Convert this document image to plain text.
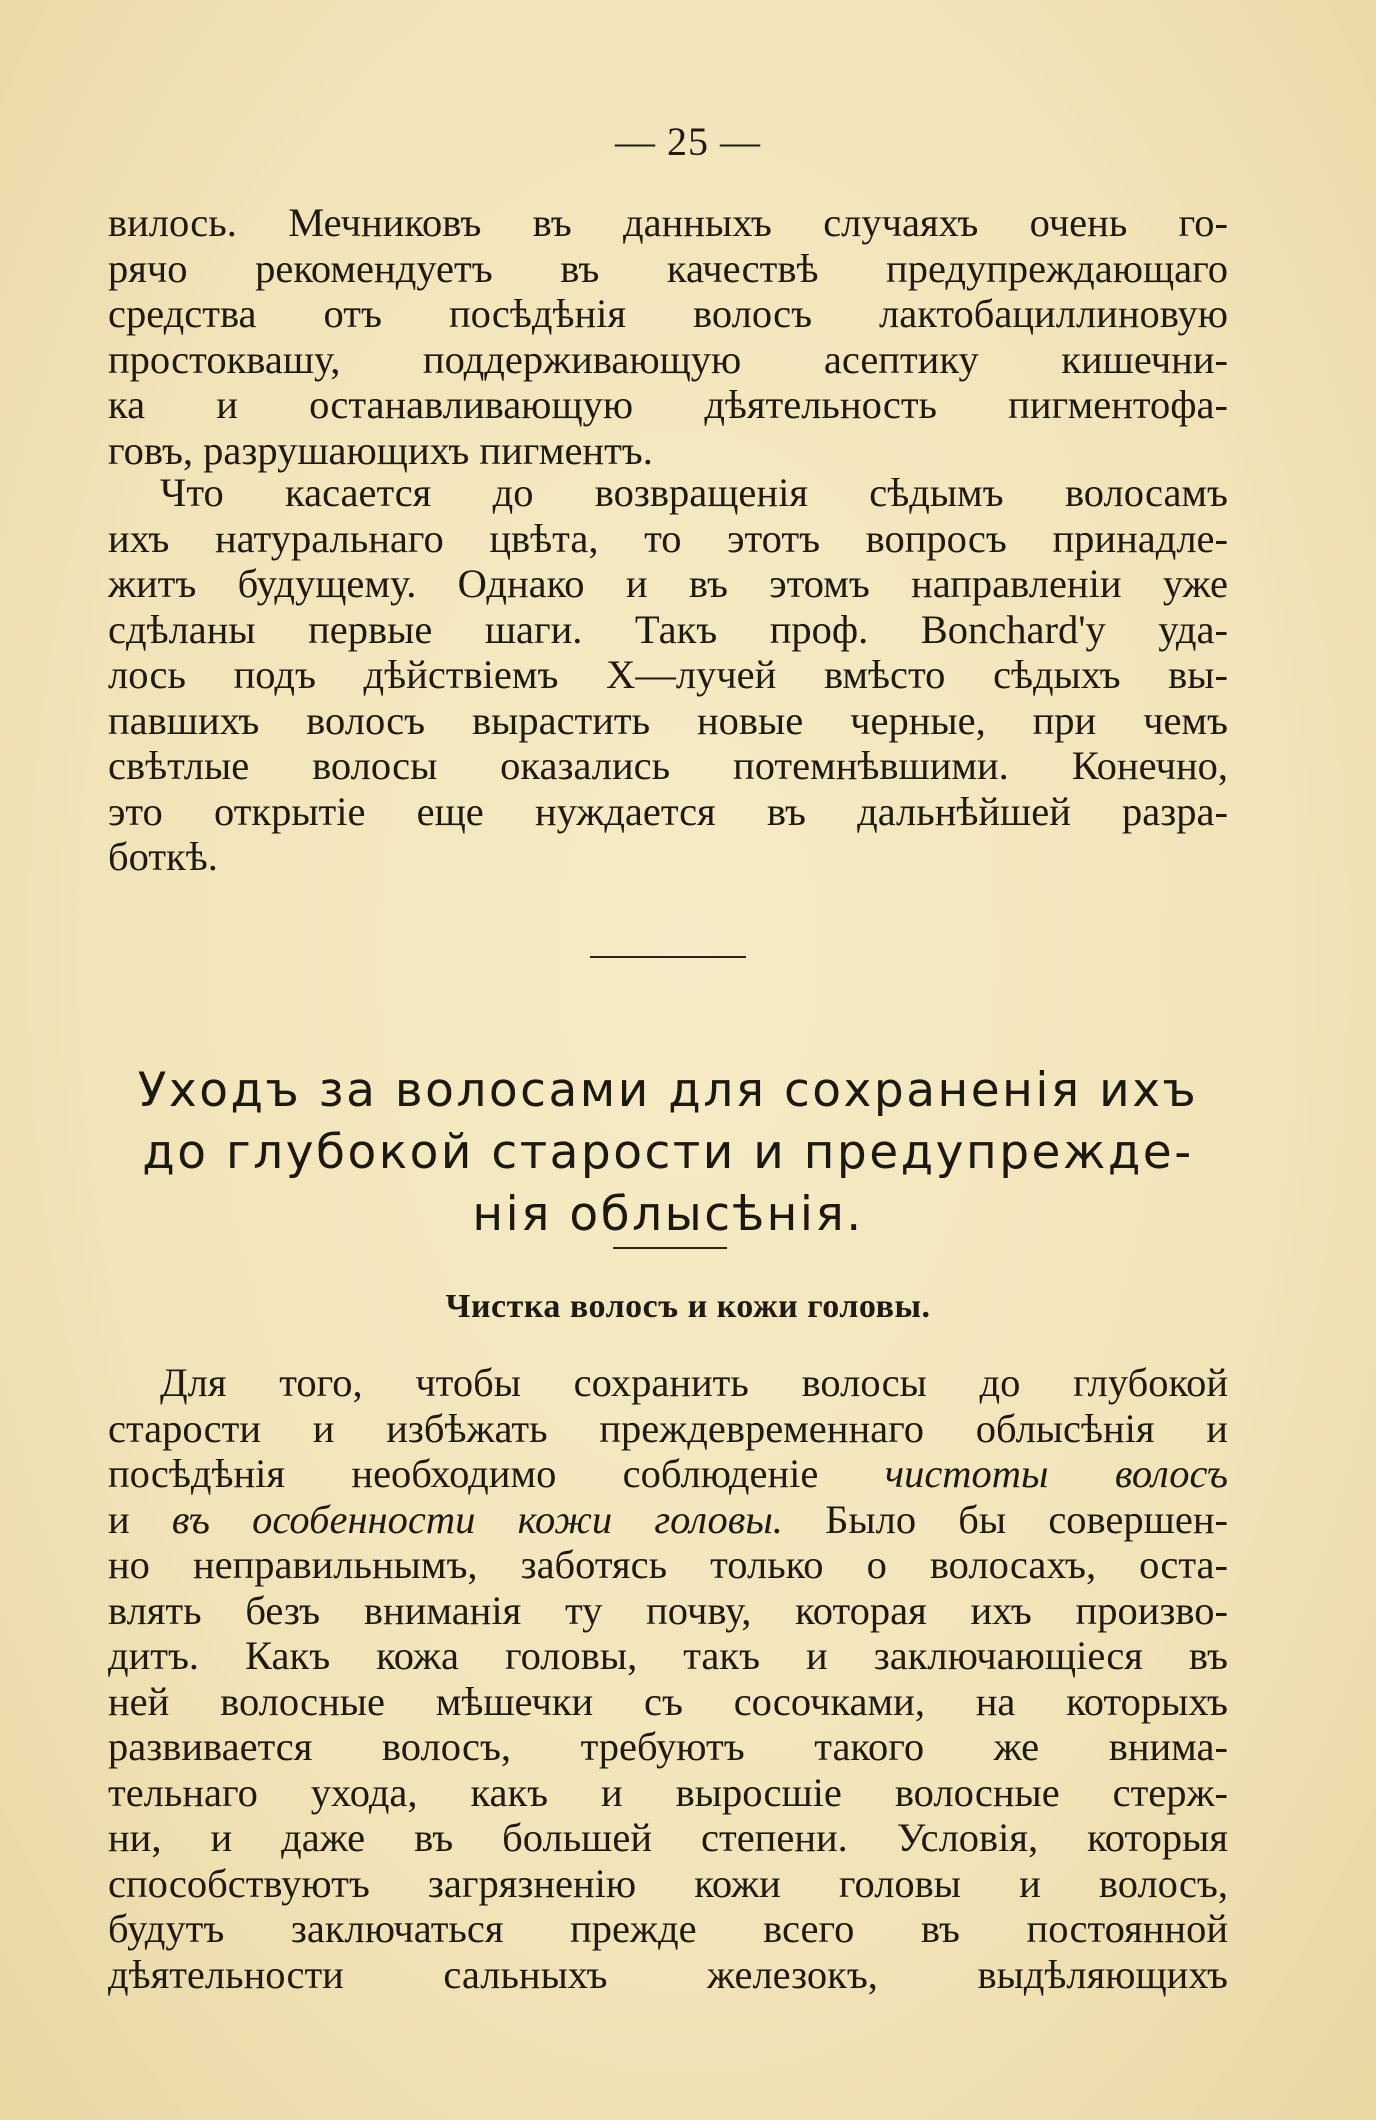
— 25 —
вилось. Мечниковъ въ данныхъ случаяхъ очень го-
рячо рекомендуетъ въ качествѣ предупреждающаго
средства отъ посѣдѣнія волосъ лактобациллиновую
простоквашу, поддерживающую асептику кишечни-
ка и останавливающую дѣятельность пигментофа-
говъ, разрушающихъ пигментъ.
Что касается до возвращенія сѣдымъ волосамъ
ихъ натуральнаго цвѣта, то этотъ вопросъ принадле-
житъ будущему. Однако и въ этомъ направленіи уже
сдѣланы первые шаги. Такъ проф. Bonchard'у уда-
лось подъ дѣйствіемъ X—лучей вмѣсто сѣдыхъ вы-
павшихъ волосъ вырастить новые черные, при чемъ
свѣтлые волосы оказались потемнѣвшими. Конечно,
это открытіе еще нуждается въ дальнѣйшей разра-
боткѣ.
Уходъ за волосами для сохраненія ихъ
до глубокой старости и предупрежде-
нія облысѣнія.
Чистка волосъ и кожи головы.
Для того, чтобы сохранить волосы до глубокой
старости и избѣжать преждевременнаго облысѣнія и
посѣдѣнія необходимо соблюденіе чистоты волосъ
и въ особенности кожи головы. Было бы совершен-
но неправильнымъ, заботясь только о волосахъ, оста-
влять безъ вниманія ту почву, которая ихъ произво-
дитъ. Какъ кожа головы, такъ и заключающіеся въ
ней волосные мѣшечки съ сосочками, на которыхъ
развивается волосъ, требуютъ такого же внима-
тельнаго ухода, какъ и выросшіе волосные стерж-
ни, и даже въ большей степени. Условія, которыя
способствуютъ загрязненію кожи головы и волосъ,
будутъ заключаться прежде всего въ постоянной
дѣятельности сальныхъ железокъ, выдѣляющихъ
